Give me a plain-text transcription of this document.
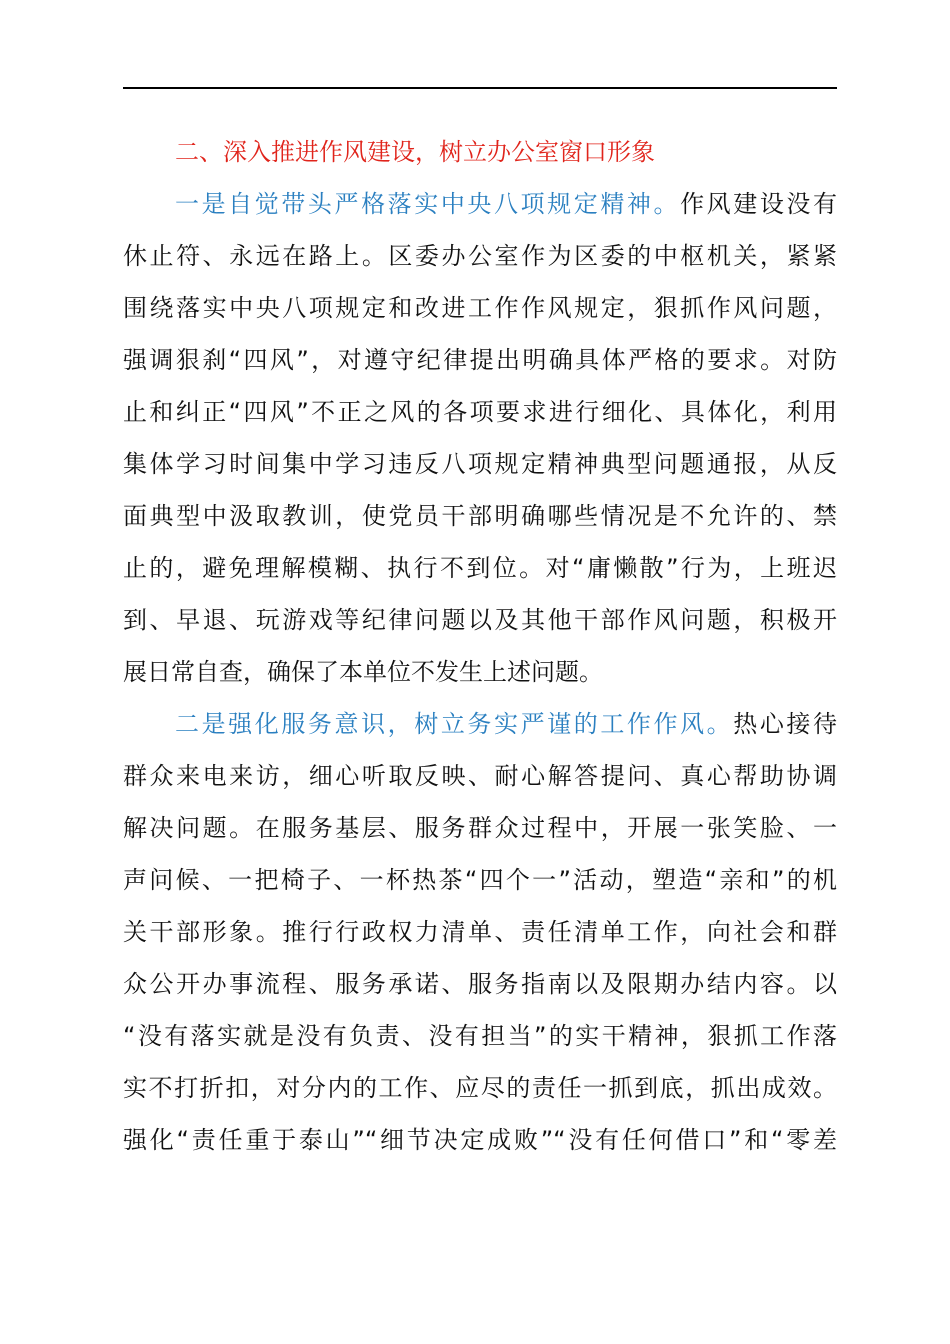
二、深入推进作风建设，树立办公室窗口形象
一是自觉带头严格落实中央八项规定精神。作风建设没有
休止符、永远在路上。区委办公室作为区委的中枢机关，紧紧
围绕落实中央八项规定和改进工作作风规定，狠抓作风问题，
强调狠刹“四风”，对遵守纪律提出明确具体严格的要求。对防
止和纠正“四风”不正之风的各项要求进行细化、具体化，利用
集体学习时间集中学习违反八项规定精神典型问题通报，从反
面典型中汲取教训，使党员干部明确哪些情况是不允许的、禁
止的，避免理解模糊、执行不到位。对“庸懒散”行为，上班迟
到、早退、玩游戏等纪律问题以及其他干部作风问题，积极开
展日常自查，确保了本单位不发生上述问题。
二是强化服务意识，树立务实严谨的工作作风。热心接待
群众来电来访，细心听取反映、耐心解答提问、真心帮助协调
解决问题。在服务基层、服务群众过程中，开展一张笑脸、一
声问候、一把椅子、一杯热茶“四个一”活动，塑造“亲和”的机
关干部形象。推行行政权力清单、责任清单工作，向社会和群
众公开办事流程、服务承诺、服务指南以及限期办结内容。以
“没有落实就是没有负责、没有担当”的实干精神，狠抓工作落
实不打折扣，对分内的工作、应尽的责任一抓到底，抓出成效。
强化“责任重于泰山”“细节决定成败”“没有任何借口”和“零差
